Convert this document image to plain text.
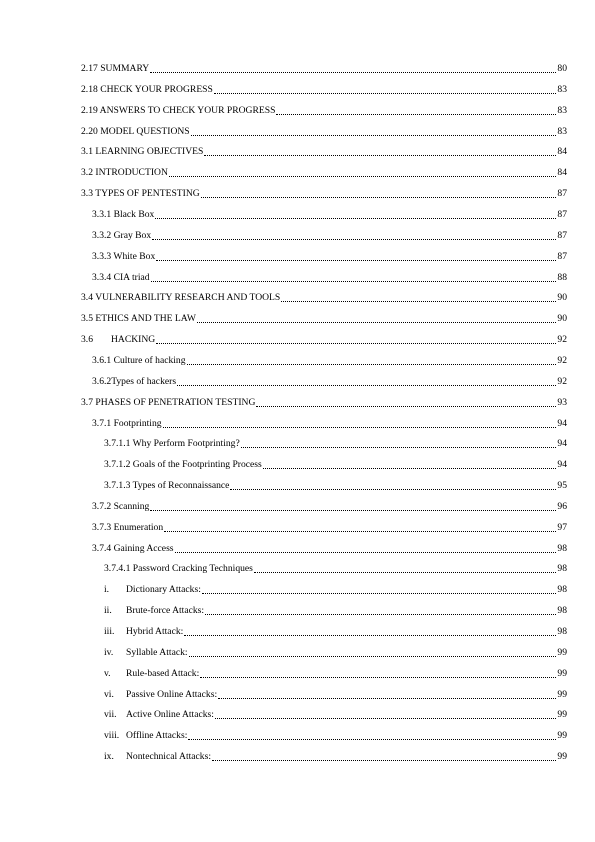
2.17 SUMMARY	80
2.18 CHECK YOUR PROGRESS	83
2.19 ANSWERS TO CHECK YOUR PROGRESS	83
2.20 MODEL QUESTIONS	83
3.1 LEARNING OBJECTIVES	84
3.2 INTRODUCTION	84
3.3 TYPES OF PENTESTING	87
3.3.1 Black Box	87
3.3.2 Gray Box	87
3.3.3 White Box	87
3.3.4 CIA triad	88
3.4 VULNERABILITY RESEARCH AND TOOLS	90
3.5 ETHICS AND THE LAW	90
3.6	HACKING	92
3.6.1 Culture of hacking	92
3.6.2Types of hackers	92
3.7 PHASES OF PENETRATION TESTING	93
3.7.1 Footprinting	94
3.7.1.1 Why Perform Footprinting?	94
3.7.1.2 Goals of the Footprinting Process	94
3.7.1.3 Types of Reconnaissance	95
3.7.2 Scanning	96
3.7.3 Enumeration	97
3.7.4 Gaining Access	98
3.7.4.1 Password Cracking Techniques	98
i.	Dictionary Attacks:	98
ii.	Brute-force Attacks:	98
iii.	Hybrid Attack:	98
iv.	Syllable Attack:	99
v.	Rule-based Attack:	99
vi.	Passive Online Attacks:	99
vii. Active Online Attacks:	99
viii. Offline Attacks:	99
ix.	Nontechnical Attacks:	99
